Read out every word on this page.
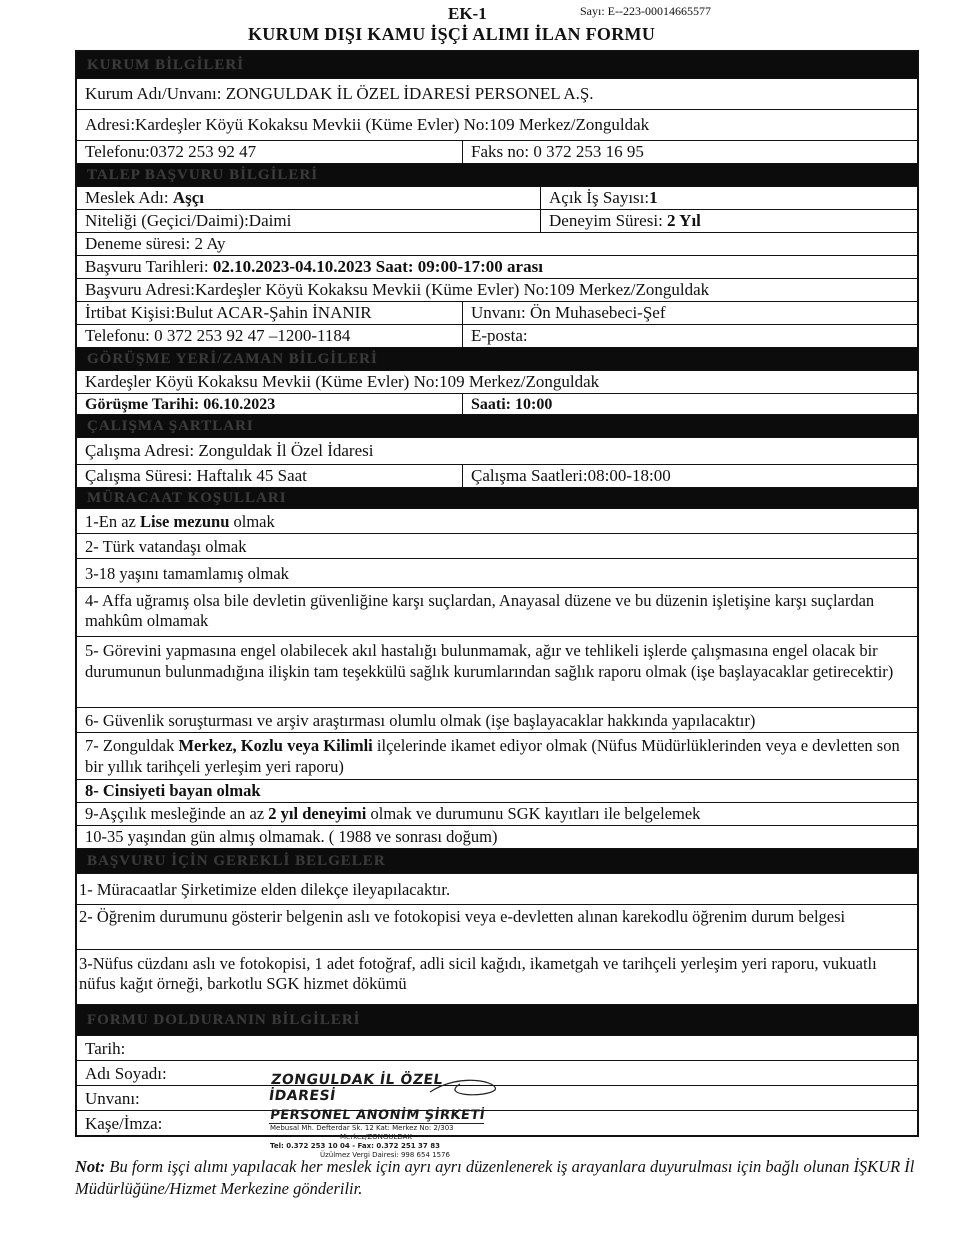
EK-1	Sayı: E--223-00014665577
KURUM DIŞI KAMU İŞÇİ ALIMI İLAN FORMU
KURUM BİLGİLERİ
Kurum Adı/Unvanı: ZONGULDAK İL ÖZEL İDARESİ PERSONEL A.Ş.
Adresi:Kardeşler Köyü Kokaksu Mevkii (Küme Evler) No:109 Merkez/Zonguldak
Telefonu:0372 253 92 47	Faks no: 0 372 253 16 95
TALEP BAŞVURU BİLGİLERİ
Meslek Adı: Aşçı	Açık İş Sayısı:1
Niteliği (Geçici/Daimi):Daimi	Deneyim Süresi: 2 Yıl
Deneme süresi: 2 Ay
Başvuru Tarihleri: 02.10.2023-04.10.2023 Saat: 09:00-17:00 arası
Başvuru Adresi:Kardeşler Köyü Kokaksu Mevkii (Küme Evler) No:109 Merkez/Zonguldak
İrtibat Kişisi:Bulut ACAR-Şahin İNANIR	Unvanı: Ön Muhasebeci-Şef
Telefonu: 0 372 253 92 47 –1200-1184	E-posta:
GÖRÜŞME YERİ/ZAMAN BİLGİLERİ
Kardeşler Köyü Kokaksu Mevkii (Küme Evler) No:109 Merkez/Zonguldak
Görüşme Tarihi: 06.10.2023	Saati: 10:00
ÇALIŞMA ŞARTLARI
Çalışma Adresi: Zonguldak İl Özel İdaresi
Çalışma Süresi: Haftalık 45 Saat	Çalışma Saatleri:08:00-18:00
MÜRACAAT KOŞULLARI
1-En az Lise mezunu olmak
2- Türk vatandaşı olmak
3-18 yaşını tamamlamış olmak
4- Affa uğramış olsa bile devletin güvenliğine karşı suçlardan, Anayasal düzene ve bu düzenin işletişine karşı suçlardan mahkûm olmamak
5- Görevini yapmasına engel olabilecek akıl hastalığı bulunmamak, ağır ve tehlikeli işlerde çalışmasına engel olacak bir durumunun bulunmadığına ilişkin tam teşekkülü sağlık kurumlarından sağlık raporu olmak (işe başlayacaklar getirecektir)
6- Güvenlik soruşturması ve arşiv araştırması olumlu olmak (işe başlayacaklar hakkında yapılacaktır)
7- Zonguldak Merkez, Kozlu veya Kilimli ilçelerinde ikamet ediyor olmak (Nüfus Müdürlüklerinden veya e devletten son bir yıllık tarihçeli yerleşim yeri raporu)
8- Cinsiyeti bayan olmak
9-Aşçılık mesleğinde an az 2 yıl deneyimi olmak ve durumunu SGK kayıtları ile belgelemek
10-35 yaşından gün almış olmamak. ( 1988 ve sonrası doğum)
BAŞVURU İÇİN GEREKLİ BELGELER
1- Müracaatlar Şirketimize elden dilekçe ileyapılacaktır.
2- Öğrenim durumunu gösterir belgenin aslı ve fotokopisi veya e-devletten alınan karekodlu öğrenim durum belgesi
3-Nüfus cüzdanı aslı ve fotokopisi, 1 adet fotoğraf, adli sicil kağıdı, ikametgah ve tarihçeli yerleşim yeri raporu, vukuatlı nüfus kağıt örneği, barkotlu SGK hizmet dökümü
FORMU DOLDURANIN BİLGİLERİ
Tarih:
Adı Soyadı:
Unvanı:
Kaşe/İmza:
ZONGULDAK İL ÖZEL İDARESİ
PERSONEL ANONİM ŞİRKETİ
Mebusal Mh. Defterdar Sk. 12 Kat: Merkez No: 2/303
Merkez/ZONGULDAK
Tel: 0.372 253 10 04 - Fax: 0.372 251 37 83
Üzülmez Vergi Dairesi: 998 654 1576
Not: Bu form işçi alımı yapılacak her meslek için ayrı ayrı düzenlenerek iş arayanlara duyurulması için bağlı olunan İŞKUR İl Müdürlüğüne/Hizmet Merkezine gönderilir.
